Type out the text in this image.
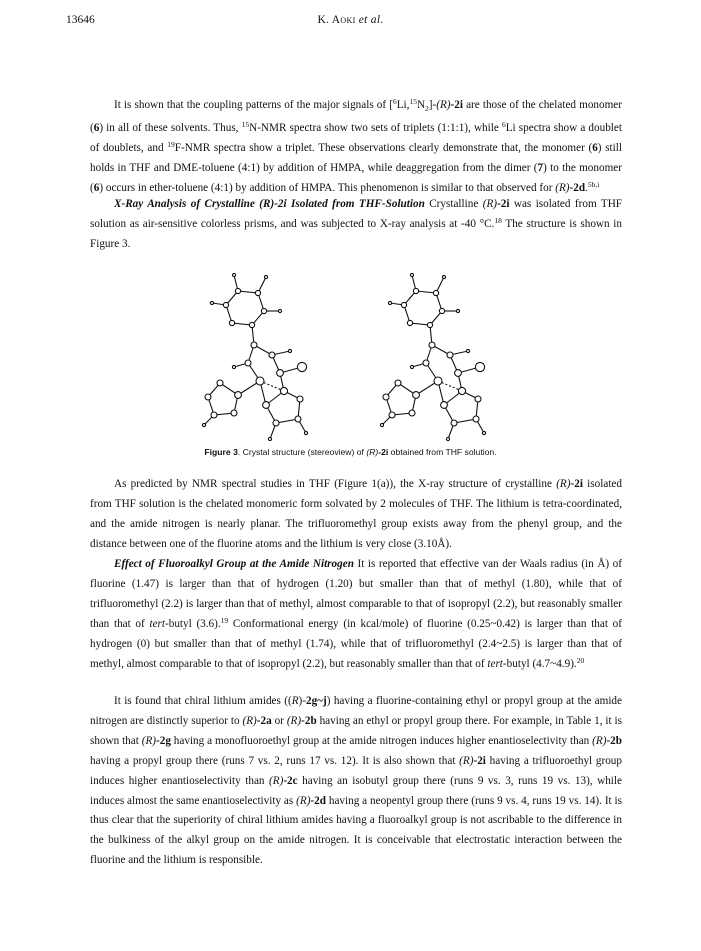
13646	K. Aoki et al.

It is shown that the coupling patterns of the major signals of $[^6Li,^{15}N_2]-(R)-2i$ are those of the chelated monomer (6) in all of these solvents. Thus, $^{15}$N-NMR spectra show two sets of triplets (1:1:1), while $^6$Li spectra show a doublet of doublets, and $^{19}$F-NMR spectra show a triplet. These observations clearly demonstrate that, the monomer (6) still holds in THF and DME-toluene (4:1) by addition of HMPA, while deaggregation from the dimer (7) to the monomer (6) occurs in ether-toluene (4:1) by addition of HMPA. This phenomenon is similar to that observed for (R)-2d.$^{5b,i}$

X-Ray Analysis of Crystalline (R)-2i Isolated from THF-Solution Crystalline (R)-2i was isolated from THF solution as air-sensitive colorless prisms, and was subjected to X-ray analysis at -40 °C.$^{18}$ The structure is shown in Figure 3.

Figure 3. Crystal structure (stereoview) of (R)-2i obtained from THF solution.

As predicted by NMR spectral studies in THF (Figure 1(a)), the X-ray structure of crystalline (R)-2i isolated from THF solution is the chelated monomeric form solvated by 2 molecules of THF. The lithium is tetra-coordinated, and the amide nitrogen is nearly planar. The trifluoromethyl group exists away from the phenyl group, and the distance between one of the fluorine atoms and the lithium is very close (3.10Å).

Effect of Fluoroalkyl Group at the Amide Nitrogen It is reported that effective van der Waals radius (in Å) of fluorine (1.47) is larger than that of hydrogen (1.20) but smaller than that of methyl (1.80), while that of trifluoromethyl (2.2) is larger than that of methyl, almost comparable to that of isopropyl (2.2), but reasonably smaller than that of tert-butyl (3.6).$^{19}$ Conformational energy (in kcal/mole) of fluorine (0.25~0.42) is larger than that of hydrogen (0) but smaller than that of methyl (1.74), while that of trifluoromethyl (2.4~2.5) is larger than that of methyl, almost comparable to that of isopropyl (2.2), but reasonably smaller than that of tert-butyl (4.7~4.9).$^{20}$

It is found that chiral lithium amides ((R)-2g~j) having a fluorine-containing ethyl or propyl group at the amide nitrogen are distinctly superior to (R)-2a or (R)-2b having an ethyl or propyl group there. For example, in Table 1, it is shown that (R)-2g having a monofluoroethyl group at the amide nitrogen induces higher enantioselectivity than (R)-2b having a propyl group there (runs 7 vs. 2, runs 17 vs. 12). It is also shown that (R)-2i having a trifluoroethyl group induces higher enantioselectivity than (R)-2c having an isobutyl group there (runs 9 vs. 3, runs 19 vs. 13), while induces almost the same enantioselectivity as (R)-2d having a neopentyl group there (runs 9 vs. 4, runs 19 vs. 14). It is thus clear that the superiority of chiral lithium amides having a fluoroalkyl group is not ascribable to the difference in the bulkiness of the alkyl group on the amide nitrogen. It is conceivable that electrostatic interaction between the fluorine and the lithium is responsible.
